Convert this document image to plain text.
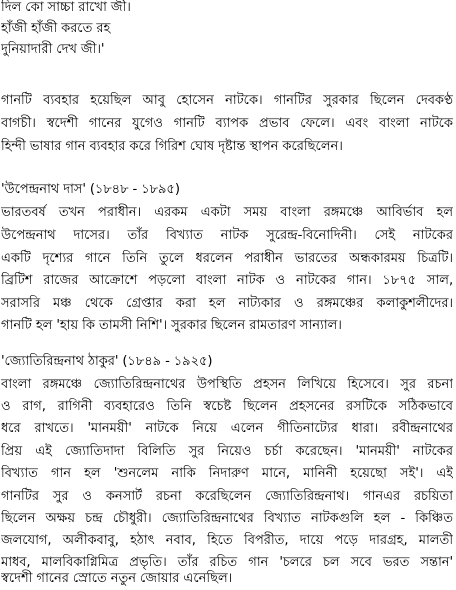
দিল কো সাচ্চা রাখো জী।
হাঁজী হাঁজী করতে রহ
দুনিয়াদারী দেখ জী।'
গানটি ব্যবহার হয়েছিল আবু হোসেন নাটকে। গানটির সুরকার ছিলেন দেবকণ্ঠ
বাগচী। স্বদেশী গানের যুগেও গানটি ব্যাপক প্রভাব ফেলে। এবং বাংলা নাটকে
হিন্দী ভাষার গান ব্যবহার করে গিরিশ ঘোষ দৃষ্টান্ত স্থাপন করেছিলেন।
'উপেন্দ্রনাথ দাস' (১৮৪৮ - ১৮৯৫)
ভারতবর্ষ তখন পরাধীন। এরকম একটা সময় বাংলা রঙ্গমঞ্চে আবির্ভাব হল
উপেন্দ্রনাথ দাসের। তাঁর বিখ্যাত নাটক সুরেন্দ্র-বিনোদিনী। সেই নাটকের
একটি দৃশ্যের গানে তিনি তুলে ধরলেন পরাধীন ভারতের অন্ধকারময় চিত্রটি।
ব্রিটিশ রাজের আক্রোশে পড়লো বাংলা নাটক ও নাটকের গান। ১৮৭৫ সাল,
সরাসরি মঞ্চ থেকে গ্রেপ্তার করা হল নাট্যকার ও রঙ্গমঞ্চের কলাকুশলীদের।
গানটি হল 'হায় কি তামসী নিশি'। সুরকার ছিলেন রামতারণ সান্যাল।
'জ্যোতিরিন্দ্রনাথ ঠাকুর' (১৮৪৯ - ১৯২৫)
বাংলা রঙ্গমঞ্চে জ্যোতিরিন্দ্রনাথের উপস্থিতি প্রহসন লিখিয়ে হিসেবে। সুর রচনা
ও রাগ, রাগিনী ব্যবহারেও তিনি স্বচেষ্ট ছিলেন প্রহসনের রসটিকে সঠিকভাবে
ধরে রাখতে। 'মানময়ী' নাটকে নিয়ে এলেন গীতিনাট্যের ধারা। রবীন্দ্রনাথের
প্রিয় এই জ্যোতিদাদা বিলিতি সুর নিয়েও চর্চা করেছেন। 'মানময়ী' নাটকের
বিখ্যাত গান হল 'শুনলেম নাকি নিদারুণ মানে, মানিনী হয়েছো সই'। এই
গানটির সুর ও কনসার্ট রচনা করেছিলেন জ্যোতিরিন্দ্রনাথ। গানএর রচয়িতা
ছিলেন অক্ষয় চন্দ্র চৌধুরী। জ্যোতিরিন্দ্রনাথের বিখ্যাত নাটকগুলি হল - কিঞ্চিত
জলযোগ, অলীকবাবু, হঠাৎ নবাব, হিতে বিপরীত, দায়ে পড়ে দারগ্রহ, মালতী
মাধব, মালবিকাগ্নিমিত্র প্রভৃতি। তাঁর রচিত গান 'চলরে চল সবে ভরত সন্তান'
স্বদেশী গানের স্রোতে নতুন জোয়ার এনেছিল।
